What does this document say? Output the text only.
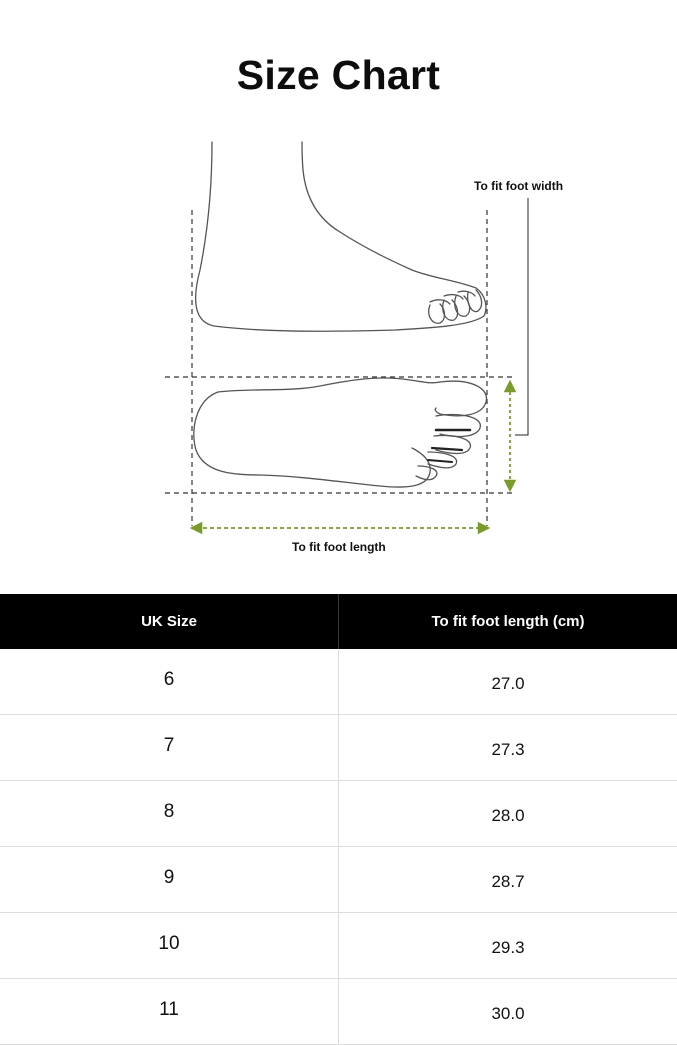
Size Chart
To fit foot width
To fit foot length
UK Size	To fit foot length (cm)
6	27.0
7	27.3
8	28.0
9	28.7
10	29.3
11	30.0
